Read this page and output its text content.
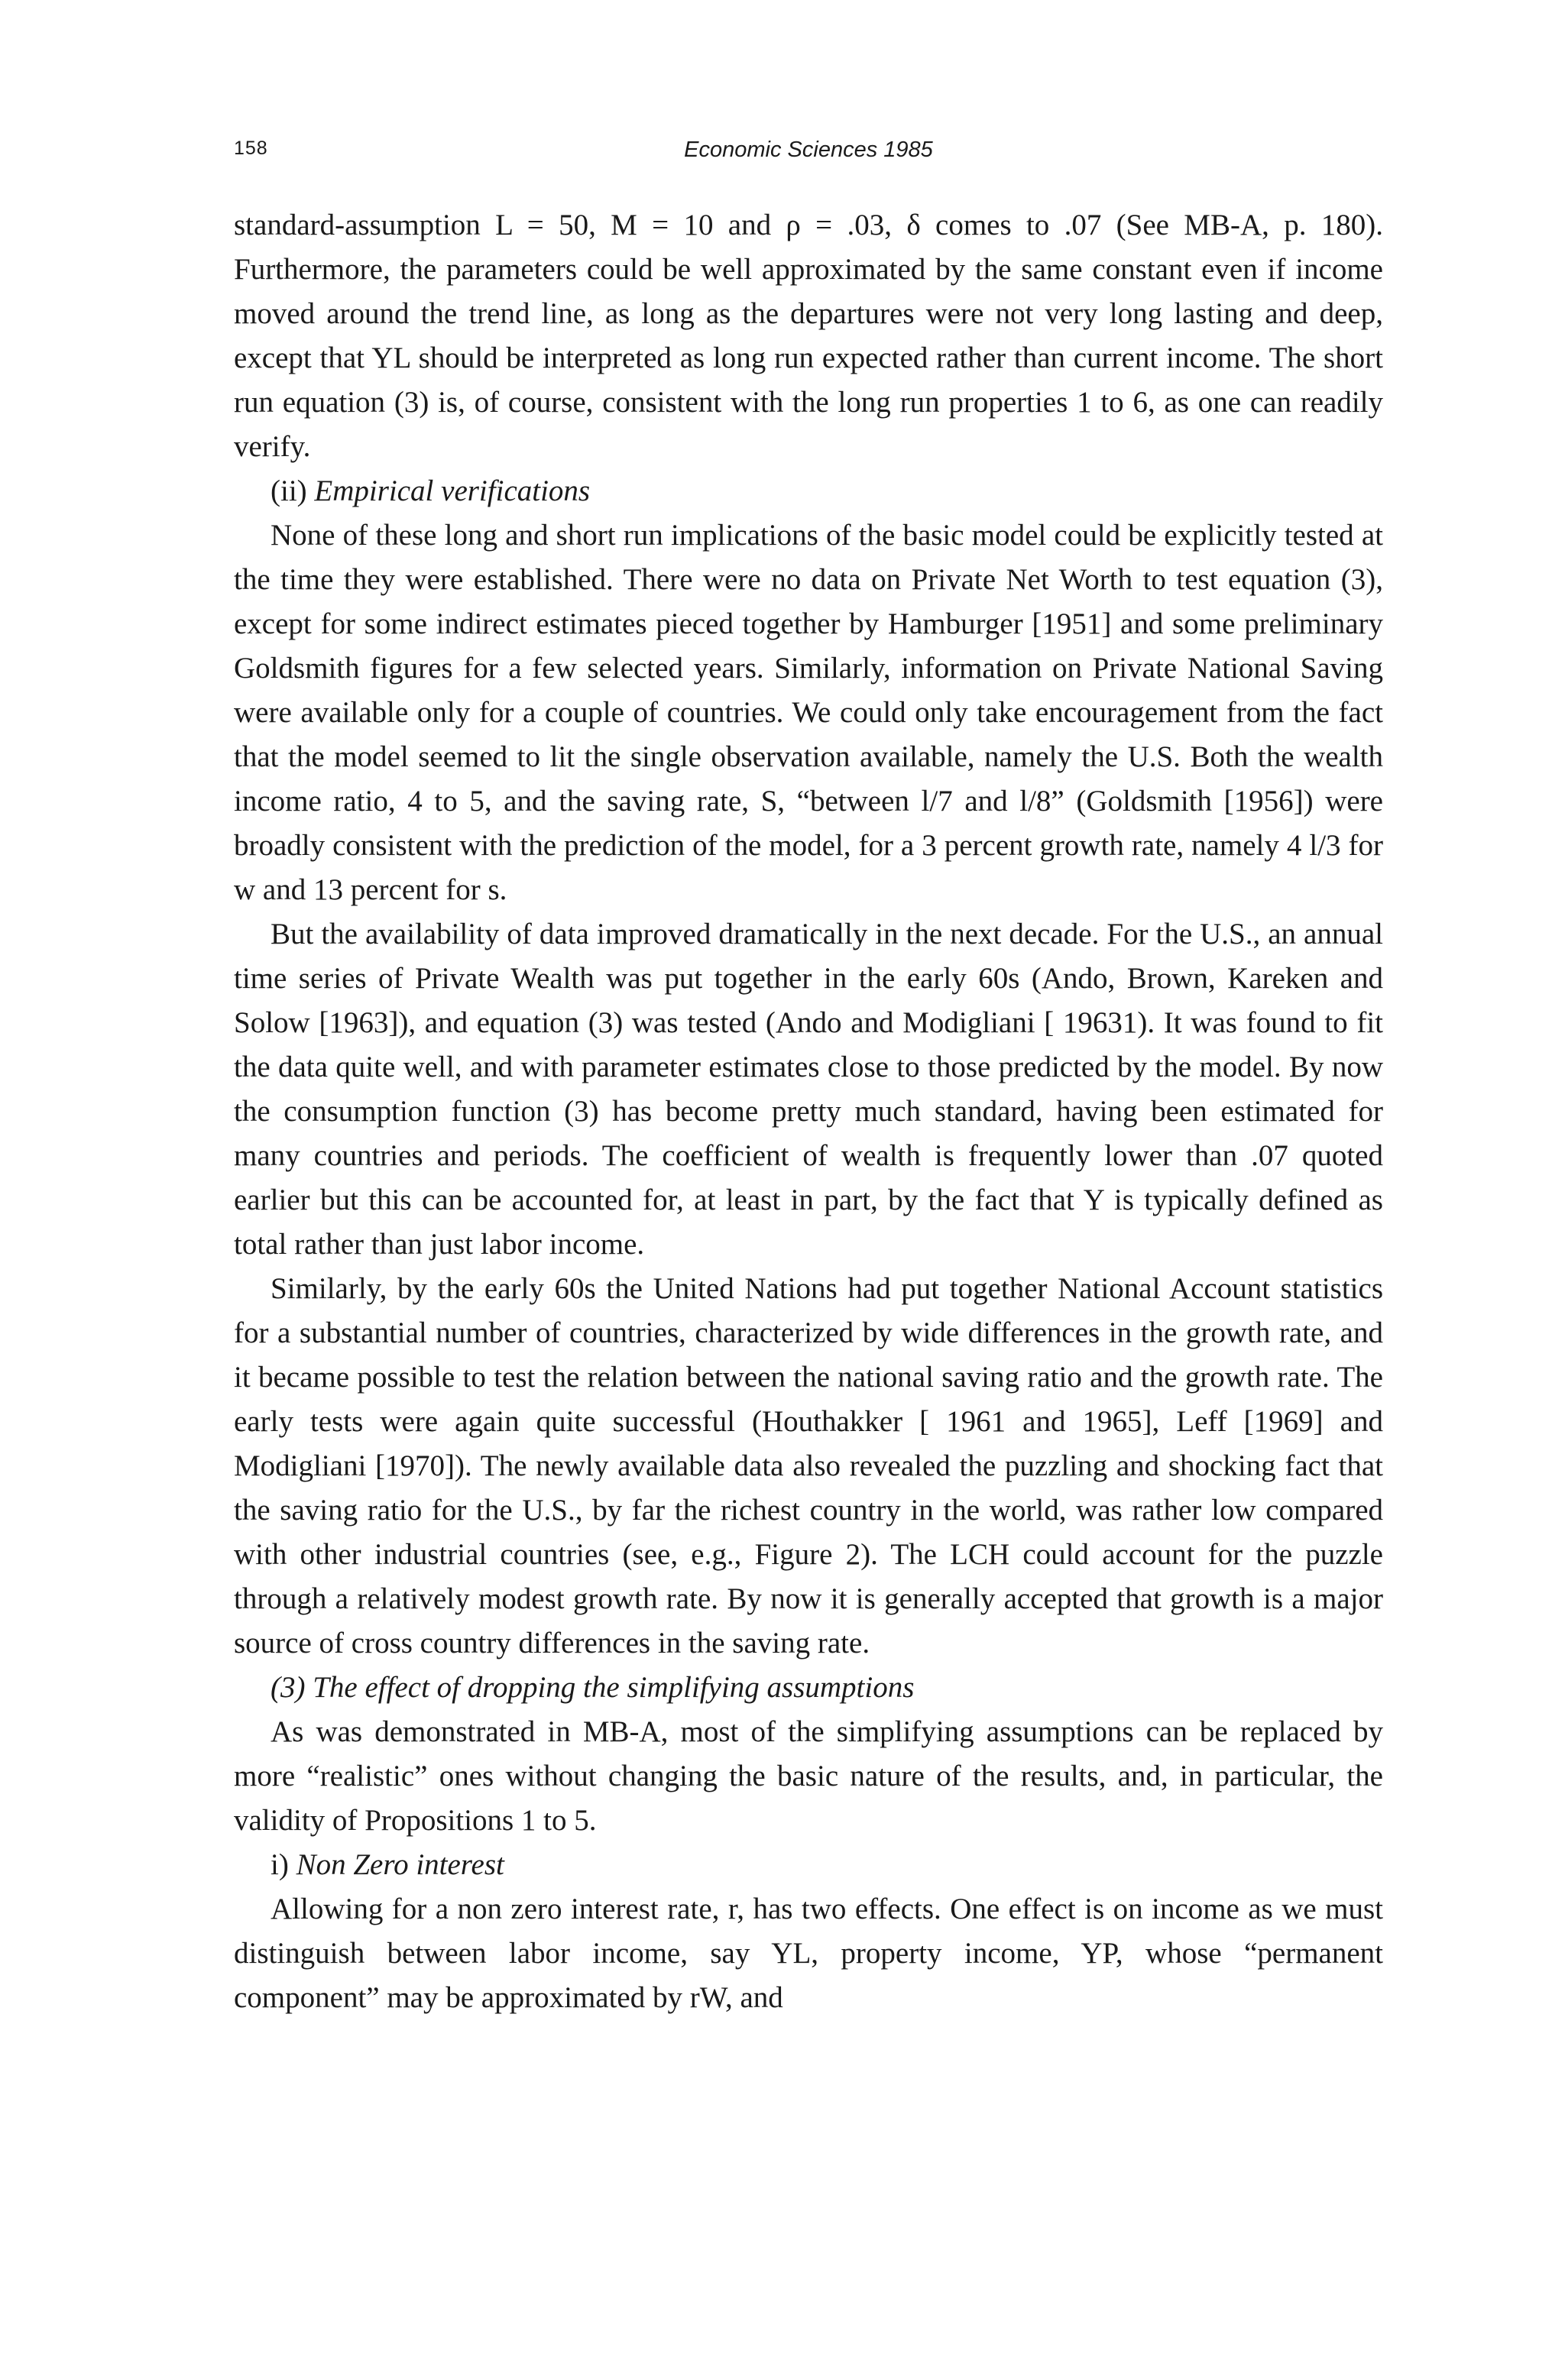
158	Economic Sciences 1985

standard-assumption L = 50, M = 10 and ρ = .03, δ comes to .07 (See MB-A, p. 180). Furthermore, the parameters could be well approximated by the same constant even if income moved around the trend line, as long as the departures were not very long lasting and deep, except that YL should be interpreted as long run expected rather than current income. The short run equation (3) is, of course, consistent with the long run properties 1 to 6, as one can readily verify.

(ii) Empirical verifications

None of these long and short run implications of the basic model could be explicitly tested at the time they were established. There were no data on Private Net Worth to test equation (3), except for some indirect estimates pieced together by Hamburger [1951] and some preliminary Goldsmith figures for a few selected years. Similarly, information on Private National Saving were available only for a couple of countries. We could only take encouragement from the fact that the model seemed to lit the single observation available, namely the U.S. Both the wealth income ratio, 4 to 5, and the saving rate, S, “between l/7 and l/8” (Goldsmith [1956]) were broadly consistent with the prediction of the model, for a 3 percent growth rate, namely 4 l/3 for w and 13 percent for s.

But the availability of data improved dramatically in the next decade. For the U.S., an annual time series of Private Wealth was put together in the early 60s (Ando, Brown, Kareken and Solow [1963]), and equation (3) was tested (Ando and Modigliani [ 19631). It was found to fit the data quite well, and with parameter estimates close to those predicted by the model. By now the consumption function (3) has become pretty much standard, having been estimated for many countries and periods. The coefficient of wealth is frequently lower than .07 quoted earlier but this can be accounted for, at least in part, by the fact that Y is typically defined as total rather than just labor income.

Similarly, by the early 60s the United Nations had put together National Account statistics for a substantial number of countries, characterized by wide differences in the growth rate, and it became possible to test the relation between the national saving ratio and the growth rate. The early tests were again quite successful (Houthakker [ 1961 and 1965], Leff [1969] and Modigliani [1970]). The newly available data also revealed the puzzling and shocking fact that the saving ratio for the U.S., by far the richest country in the world, was rather low compared with other industrial countries (see, e.g., Figure 2). The LCH could account for the puzzle through a relatively modest growth rate. By now it is generally accepted that growth is a major source of cross country differences in the saving rate.

(3) The effect of dropping the simplifying assumptions

As was demonstrated in MB-A, most of the simplifying assumptions can be replaced by more “realistic” ones without changing the basic nature of the results, and, in particular, the validity of Propositions 1 to 5.

i) Non Zero interest

Allowing for a non zero interest rate, r, has two effects. One effect is on income as we must distinguish between labor income, say YL, property income, YP, whose “permanent component” may be approximated by rW, and
